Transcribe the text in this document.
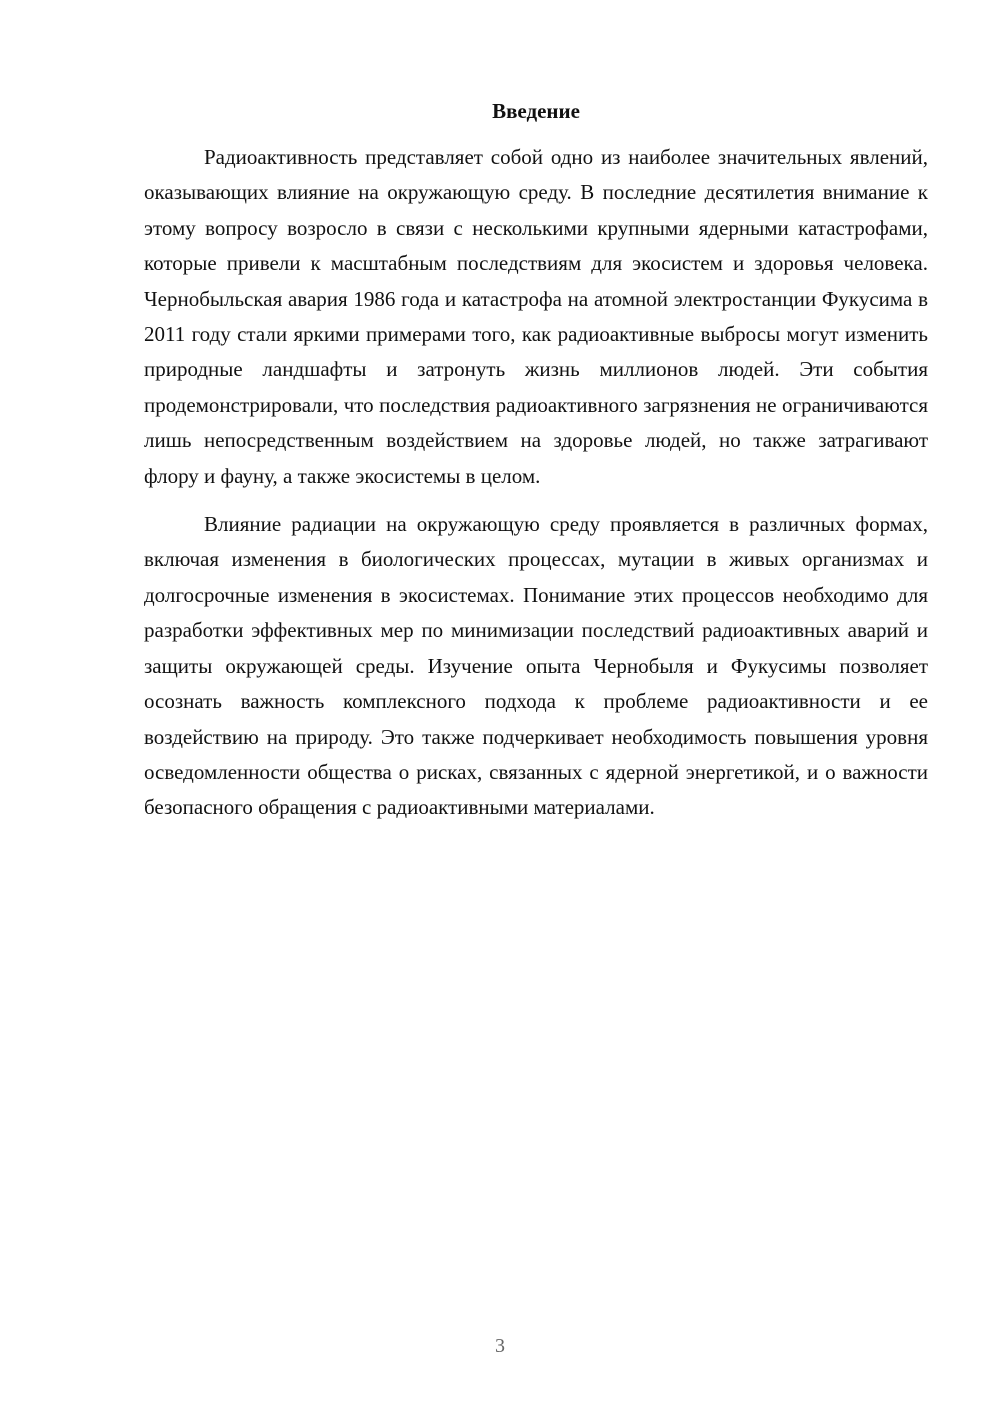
Введение

Радиоактивность представляет собой одно из наиболее значительных явлений, оказывающих влияние на окружающую среду. В последние десятилетия внимание к этому вопросу возросло в связи с несколькими крупными ядерными катастрофами, которые привели к масштабным последствиям для экосистем и здоровья человека. Чернобыльская авария 1986 года и катастрофа на атомной электростанции Фукусима в 2011 году стали яркими примерами того, как радиоактивные выбросы могут изменить природные ландшафты и затронуть жизнь миллионов людей. Эти события продемонстрировали, что последствия радиоактивного загрязнения не ограничиваются лишь непосредственным воздействием на здоровье людей, но также затрагивают флору и фауну, а также экосистемы в целом.

Влияние радиации на окружающую среду проявляется в различных формах, включая изменения в биологических процессах, мутации в живых организмах и долгосрочные изменения в экосистемах. Понимание этих процессов необходимо для разработки эффективных мер по минимизации последствий радиоактивных аварий и защиты окружающей среды. Изучение опыта Чернобыля и Фукусимы позволяет осознать важность комплексного подхода к проблеме радиоактивности и ее воздействию на природу. Это также подчеркивает необходимость повышения уровня осведомленности общества о рисках, связанных с ядерной энергетикой, и о важности безопасного обращения с радиоактивными материалами.

3
